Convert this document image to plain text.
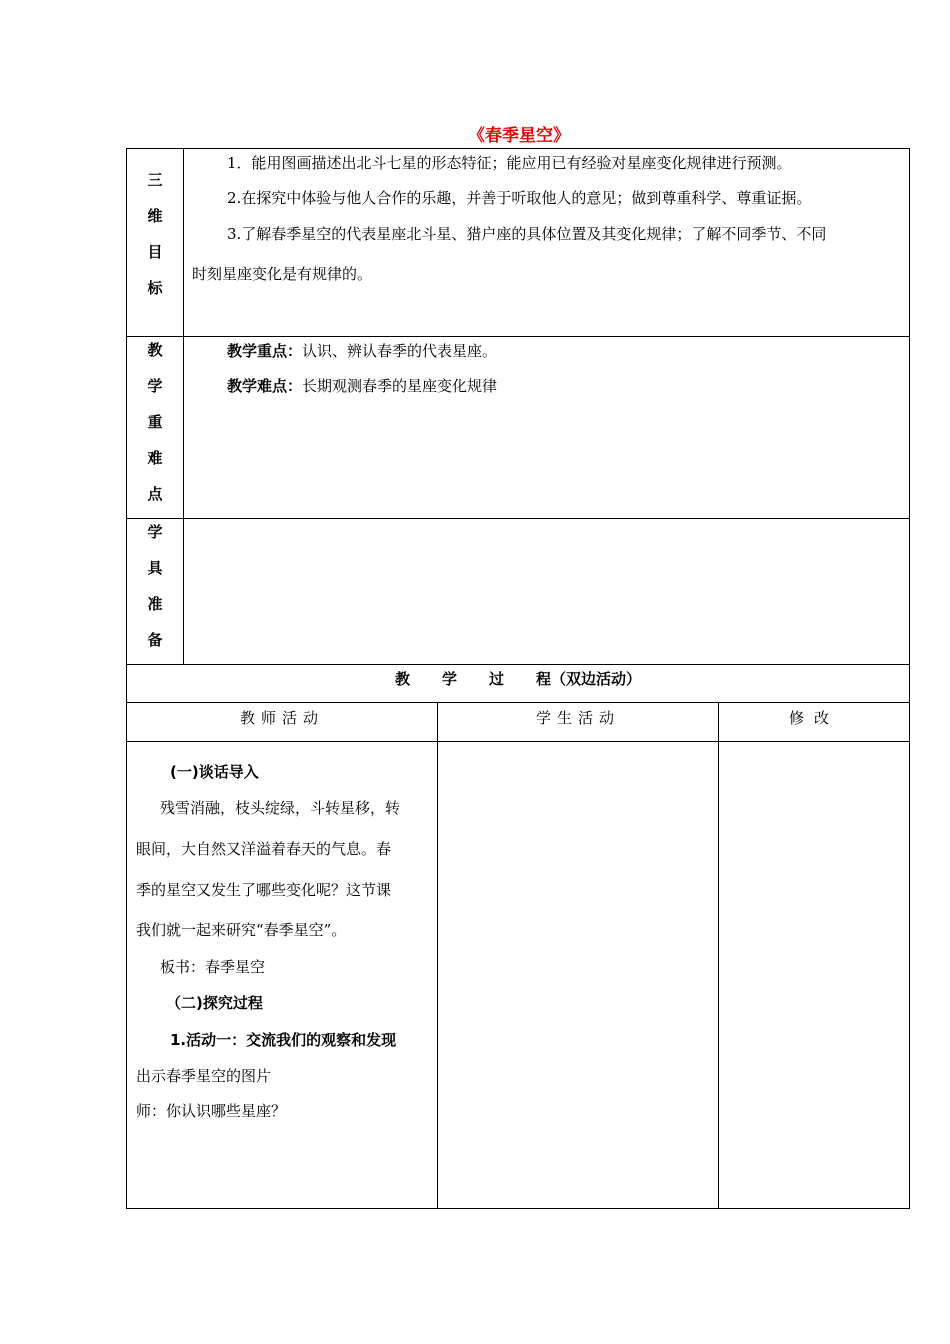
《春季星空》
三
维
目
标
教
学
重
难
点
学
具
准
备
1．能用图画描述出北斗七星的形态特征；能应用已有经验对星座变化规律进行预测。
2.在探究中体验与他人合作的乐趣，并善于听取他人的意见；做到尊重科学、尊重证据。
3.了解春季星空的代表星座北斗星、猎户座的具体位置及其变化规律；了解不同季节、不同
时刻星座变化是有规律的。
教学重点：认识、辨认春季的代表星座。
教学难点：长期观测春季的星座变化规律
教 学 过 程（双边活动）
教师活动	学生活动	修改
(一)谈话导入
残雪消融，枝头绽绿，斗转星移，转
眼间，大自然又洋溢着春天的气息。春
季的星空又发生了哪些变化呢？这节课
我们就一起来研究“春季星空”。
板书：春季星空
（二)探究过程
1.活动一：交流我们的观察和发现
出示春季星空的图片
师：你认识哪些星座？
